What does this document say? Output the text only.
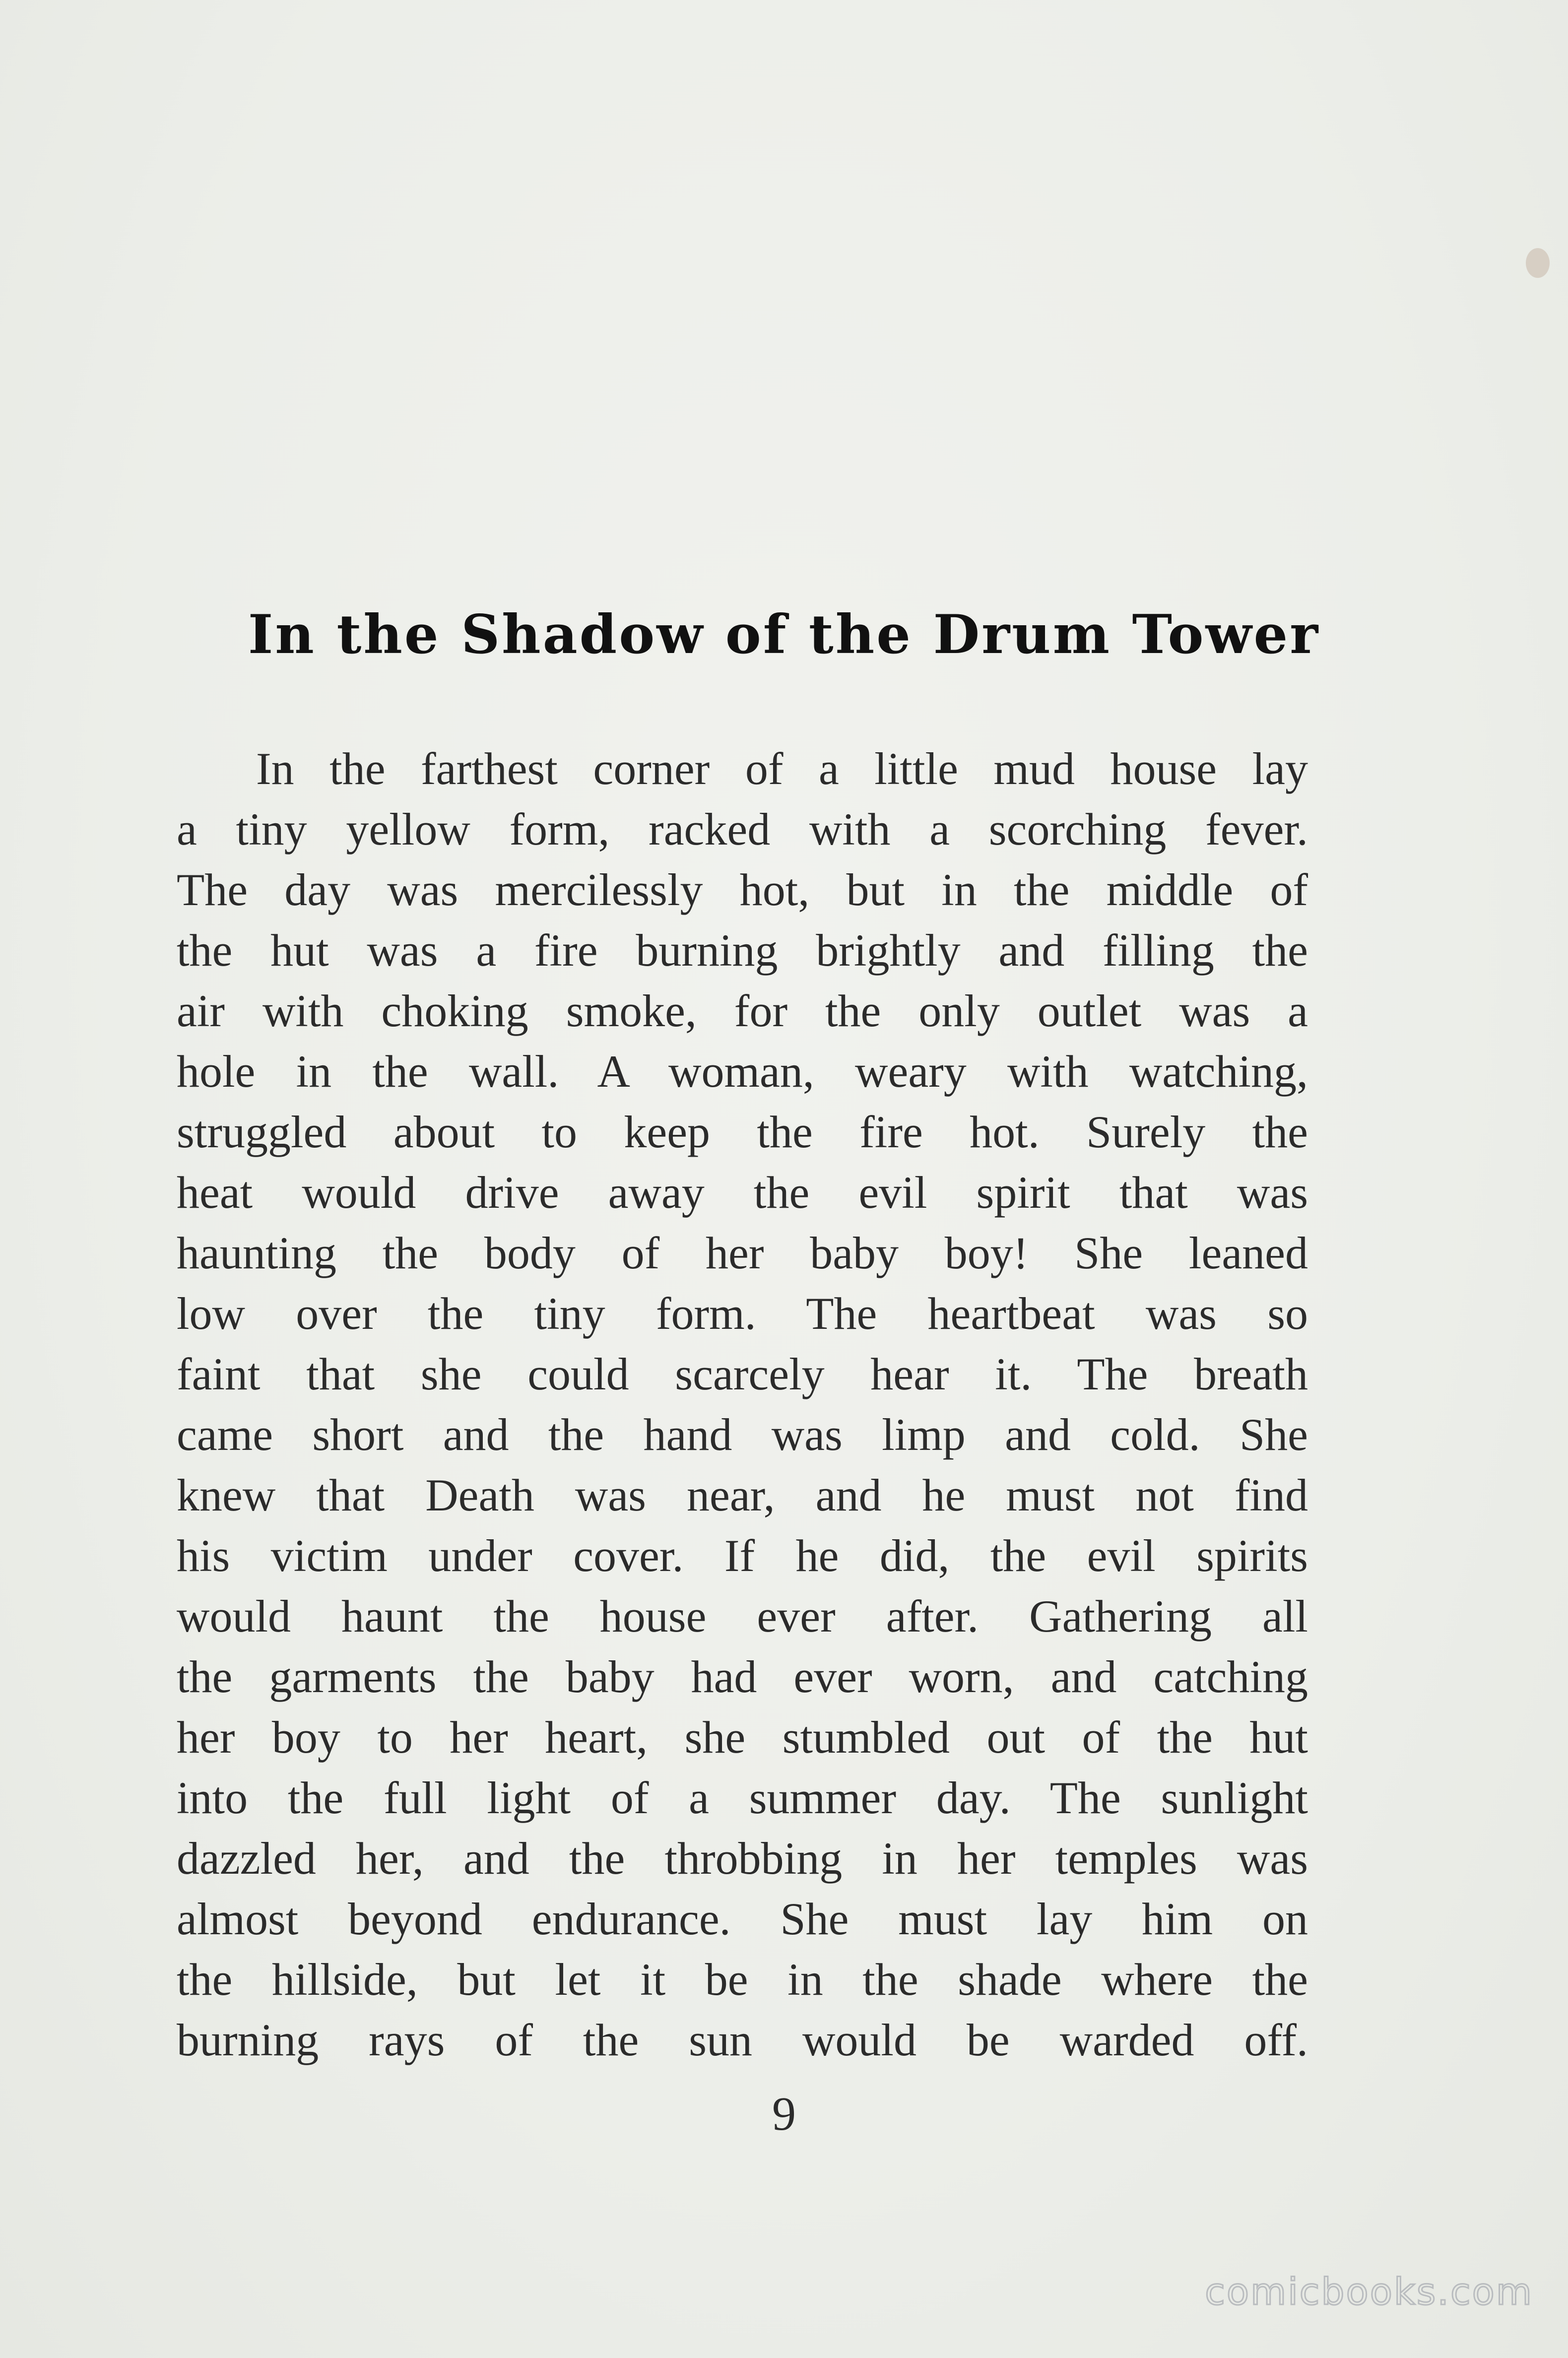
In the Shadow of the Drum Tower
In the farthest corner of a little mud house lay
a tiny yellow form, racked with a scorching fever.
The day was mercilessly hot, but in the middle of
the hut was a fire burning brightly and filling the
air with choking smoke, for the only outlet was a
hole in the wall. A woman, weary with watching,
struggled about to keep the fire hot. Surely the
heat would drive away the evil spirit that was
haunting the body of her baby boy! She leaned
low over the tiny form. The heartbeat was so
faint that she could scarcely hear it. The breath
came short and the hand was limp and cold. She
knew that Death was near, and he must not find
his victim under cover. If he did, the evil spirits
would haunt the house ever after. Gathering all
the garments the baby had ever worn, and catching
her boy to her heart, she stumbled out of the hut
into the full light of a summer day. The sunlight
dazzled her, and the throbbing in her temples was
almost beyond endurance. She must lay him on
the hillside, but let it be in the shade where the
burning rays of the sun would be warded off.
9
comicbooks.com
